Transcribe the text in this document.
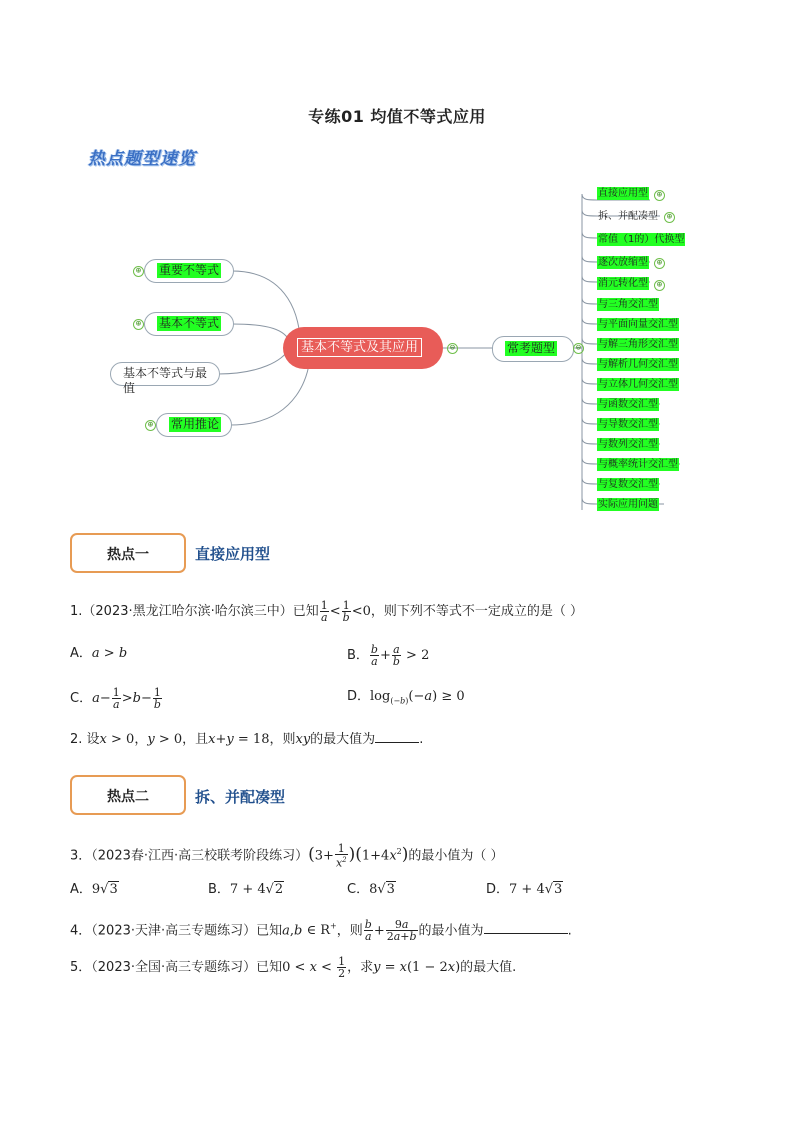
专练01 均值不等式应用
热点题型速览
重要不等式
⊕
基本不等式
⊕
基本不等式与最值
常用推论
⊕
基本不等式及其应用	⊖	常考题型	⊖
直接应用型 ⊕
拆、并配凑型 ⊕
常值（1的）代换型
逐次放缩型 ⊕
消元转化型 ⊕
与三角交汇型
与平面向量交汇型
与解三角形交汇型
与解析几何交汇型
与立体几何交汇型
与函数交汇型
与导数交汇型
与数列交汇型
与概率统计交汇型
与复数交汇型
实际应用问题
热点一	直接应用型
1.（2023·黑龙江哈尔滨·哈尔滨三中）已知 $\frac{1}{a} < \frac{1}{b} <0$，则下列不等式不一定成立的是（ ）
A．a > b	B． $\frac{b}{a} + \frac{a}{b} > 2$
C．$a- \frac{1}{a} >b- \frac{1}{b}$	D．$\log_{(-b)}(-a) \ge 0$
2. 设x > 0，y > 0，且x+y = 18，则xy的最大值为	.
热点二	拆、并配凑型
3．（2023春·江西·高三校联考阶段练习）$(3+ \frac{1}{x^2} )(1+4x^2)$的最小值为（ ）
A．9√3	B．7 + 4√2	C．8√3	D．7 + 4√3
4．（2023·天津·高三专题练习）已知a,b ∈ R+，则 $\frac{b}{a} + \frac{9a}{2a+b}$ 的最小值为	.
5．（2023·全国·高三专题练习）已知$0 < x < \frac{1}{2}$ ，求y = x(1 − 2x)的最大值.
